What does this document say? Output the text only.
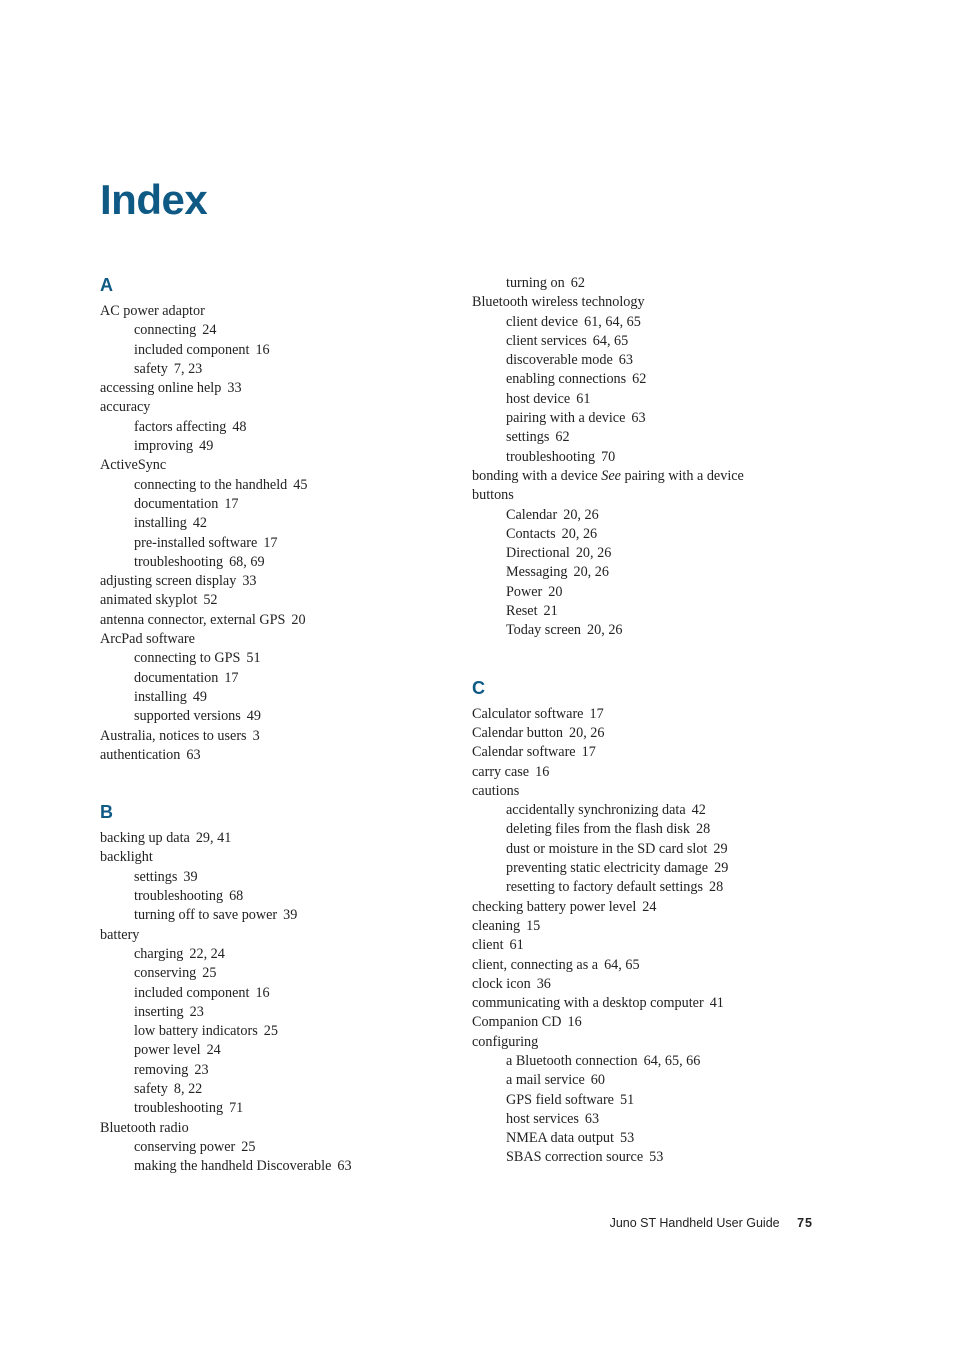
Index
A
AC power adaptor
connecting 24
included component 16
safety 7, 23
accessing online help 33
accuracy
factors affecting 48
improving 49
ActiveSync
connecting to the handheld 45
documentation 17
installing 42
pre-installed software 17
troubleshooting 68, 69
adjusting screen display 33
animated skyplot 52
antenna connector, external GPS 20
ArcPad software
connecting to GPS 51
documentation 17
installing 49
supported versions 49
Australia, notices to users 3
authentication 63
B
backing up data 29, 41
backlight
settings 39
troubleshooting 68
turning off to save power 39
battery
charging 22, 24
conserving 25
included component 16
inserting 23
low battery indicators 25
power level 24
removing 23
safety 8, 22
troubleshooting 71
Bluetooth radio
conserving power 25
making the handheld Discoverable 63
turning on 62
Bluetooth wireless technology
client device 61, 64, 65
client services 64, 65
discoverable mode 63
enabling connections 62
host device 61
pairing with a device 63
settings 62
troubleshooting 70
bonding with a device See pairing with a device
buttons
Calendar 20, 26
Contacts 20, 26
Directional 20, 26
Messaging 20, 26
Power 20
Reset 21
Today screen 20, 26
C
Calculator software 17
Calendar button 20, 26
Calendar software 17
carry case 16
cautions
accidentally synchronizing data 42
deleting files from the flash disk 28
dust or moisture in the SD card slot 29
preventing static electricity damage 29
resetting to factory default settings 28
checking battery power level 24
cleaning 15
client 61
client, connecting as a 64, 65
clock icon 36
communicating with a desktop computer 41
Companion CD 16
configuring
a Bluetooth connection 64, 65, 66
a mail service 60
GPS field software 51
host services 63
NMEA data output 53
SBAS correction source 53
Juno ST Handheld User Guide 75
